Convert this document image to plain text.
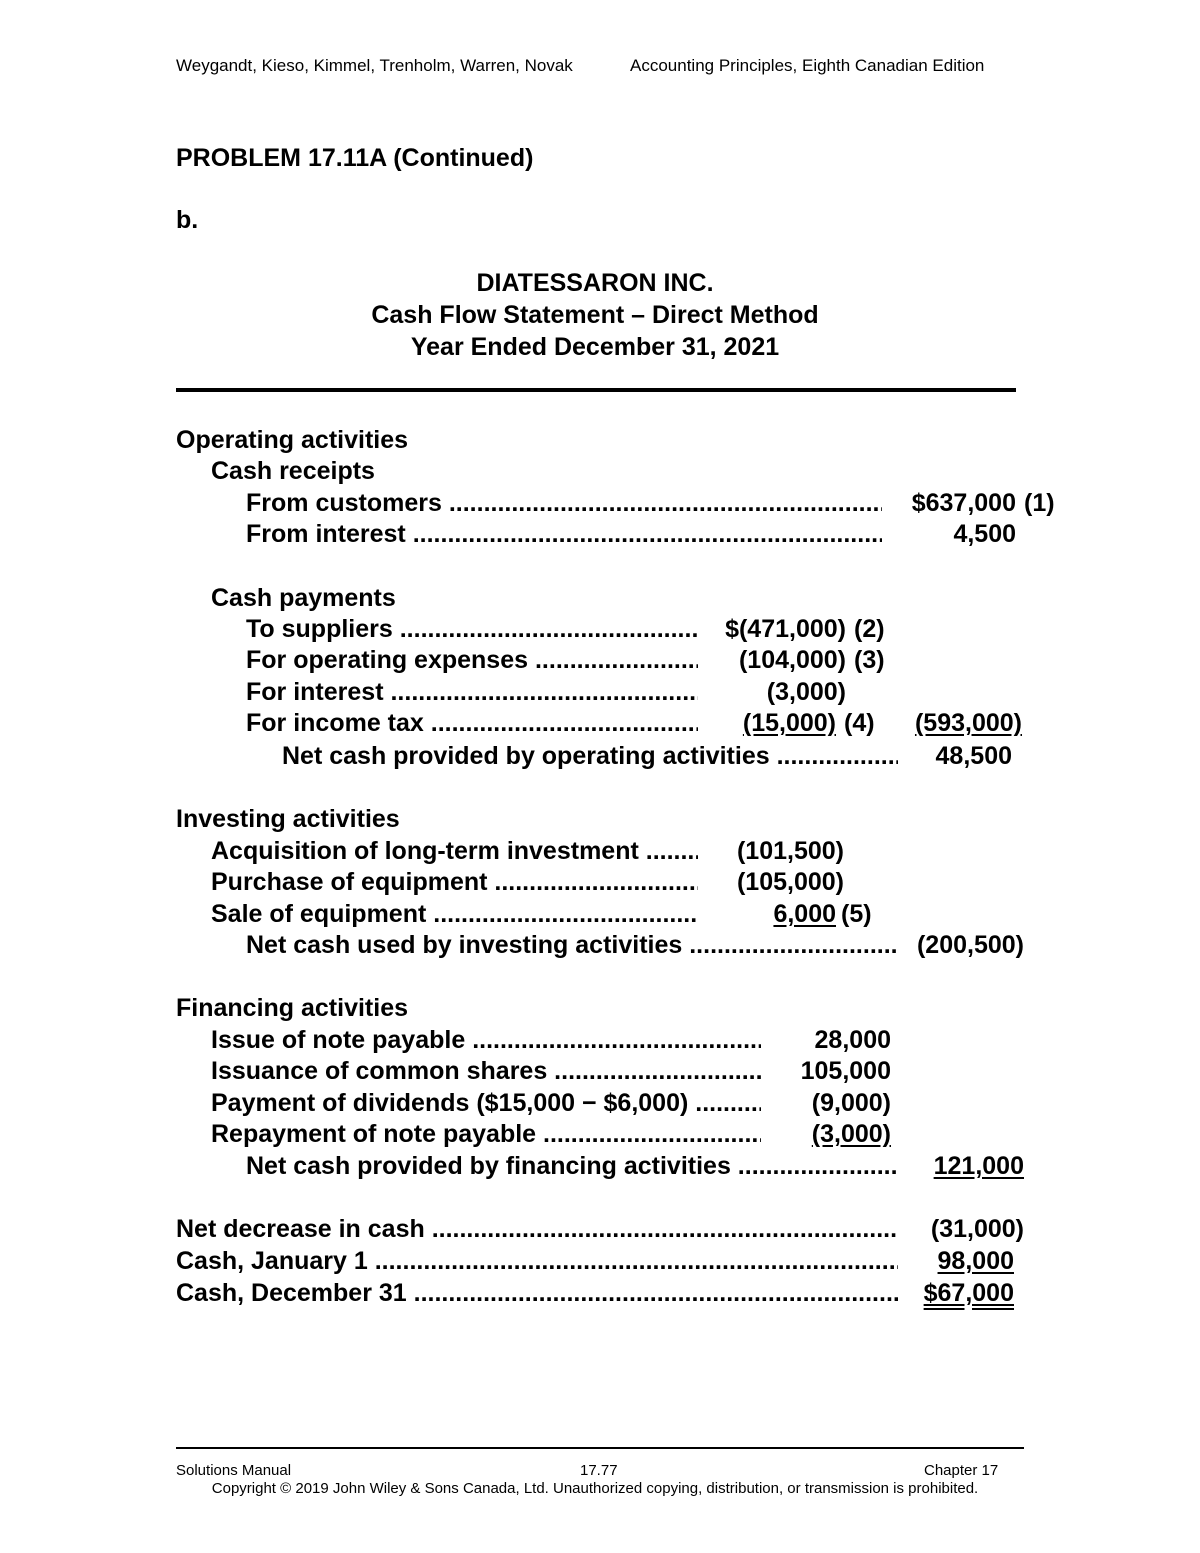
Weygandt, Kieso, Kimmel, Trenholm, Warren, Novak	Accounting Principles, Eighth Canadian Edition
PROBLEM 17.11A (Continued)
b.
DIATESSARON INC.
Cash Flow Statement – Direct Method
Year Ended December 31, 2021
Operating activities
Cash receipts
From customers .....	$637,000 (1)
From interest .....	4,500
Cash payments
To suppliers .....	$(471,000) (2)
For operating expenses .....	(104,000) (3)
For interest .....	(3,000)
For income tax .....	(15,000) (4)	(593,000)
Net cash provided by operating activities .....	48,500
Investing activities
Acquisition of long-term investment .....	(101,500)
Purchase of equipment .....	(105,000)
Sale of equipment .....	6,000 (5)
Net cash used by investing activities .....	(200,500)
Financing activities
Issue of note payable .....	28,000
Issuance of common shares .....	105,000
Payment of dividends ($15,000 − $6,000) .....	(9,000)
Repayment of note payable .....	(3,000)
Net cash provided by financing activities .....	121,000
Net decrease in cash .....	(31,000)
Cash, January 1 .....	98,000
Cash, December 31 .....	$67,000
Solutions Manual	17.77	Chapter 17
Copyright © 2019 John Wiley & Sons Canada, Ltd. Unauthorized copying, distribution, or transmission is prohibited.
